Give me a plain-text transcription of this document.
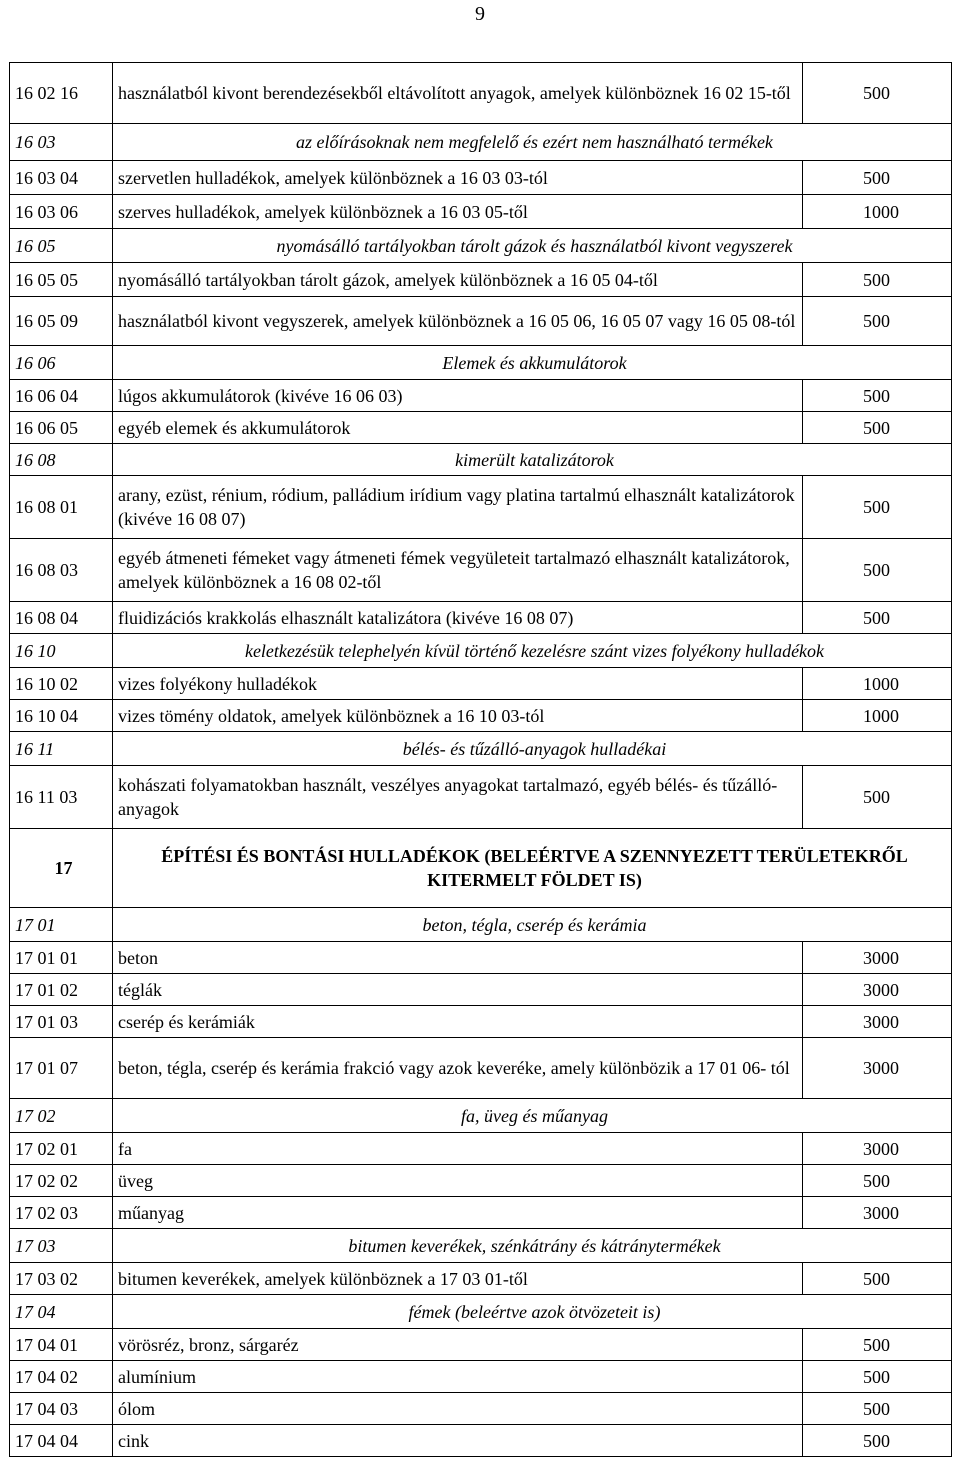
9
16 02 16	használatból kivont berendezésekből eltávolított anyagok, amelyek különböznek 16 02 15-től	500
16 03	az előírásoknak nem megfelelő és ezért nem használható termékek	
16 03 04	szervetlen hulladékok, amelyek különböznek a 16 03 03-tól	500
16 03 06	szerves hulladékok, amelyek különböznek a 16 03 05-től	1000
16 05	nyomásálló tartályokban tárolt gázok és használatból kivont vegyszerek	
16 05 05	nyomásálló tartályokban tárolt gázok, amelyek különböznek a 16 05 04-től	500
16 05 09	használatból kivont vegyszerek, amelyek különböznek a 16 05 06, 16 05 07 vagy 16 05 08-tól	500
16 06	Elemek és akkumulátorok	
16 06 04	lúgos akkumulátorok (kivéve 16 06 03)	500
16 06 05	egyéb elemek és akkumulátorok	500
16 08	kimerült katalizátorok	
16 08 01	arany, ezüst, rénium, ródium, palládium irídium vagy platina tartalmú elhasznált katalizátorok (kivéve 16 08 07)	500
16 08 03	egyéb átmeneti fémeket vagy átmeneti fémek vegyületeit tartalmazó elhasznált katalizátorok, amelyek különböznek a 16 08 02-től	500
16 08 04	fluidizációs krakkolás elhasznált katalizátora (kivéve 16 08 07)	500
16 10	keletkezésük telephelyén kívül történő kezelésre szánt vizes folyékony hulladékok	
16 10 02	vizes folyékony hulladékok	1000
16 10 04	vizes tömény oldatok, amelyek különböznek a 16 10 03-tól	1000
16 11	bélés- és tűzálló-anyagok hulladékai	
16 11 03	kohászati folyamatokban használt, veszélyes anyagokat tartalmazó, egyéb bélés- és tűzálló-anyagok	500
17	ÉPÍTÉSI ÉS BONTÁSI HULLADÉKOK (BELEÉRTVE A SZENNYEZETT TERÜLETEKRŐL KITERMELT FÖLDET IS)	
17 01	beton, tégla, cserép és kerámia	
17 01 01	beton	3000
17 01 02	téglák	3000
17 01 03	cserép és kerámiák	3000
17 01 07	beton, tégla, cserép és kerámia frakció vagy azok keveréke, amely különbözik a 17 01 06- tól	3000
17 02	fa, üveg és műanyag	
17 02 01	fa	3000
17 02 02	üveg	500
17 02 03	műanyag	3000
17 03	bitumen keverékek, szénkátrány és kátránytermékek	
17 03 02	bitumen keverékek, amelyek különböznek a 17 03 01-től	500
17 04	fémek (beleértve azok ötvözeteit is)	
17 04 01	vörösréz, bronz, sárgaréz	500
17 04 02	alumínium	500
17 04 03	ólom	500
17 04 04	cink	500
